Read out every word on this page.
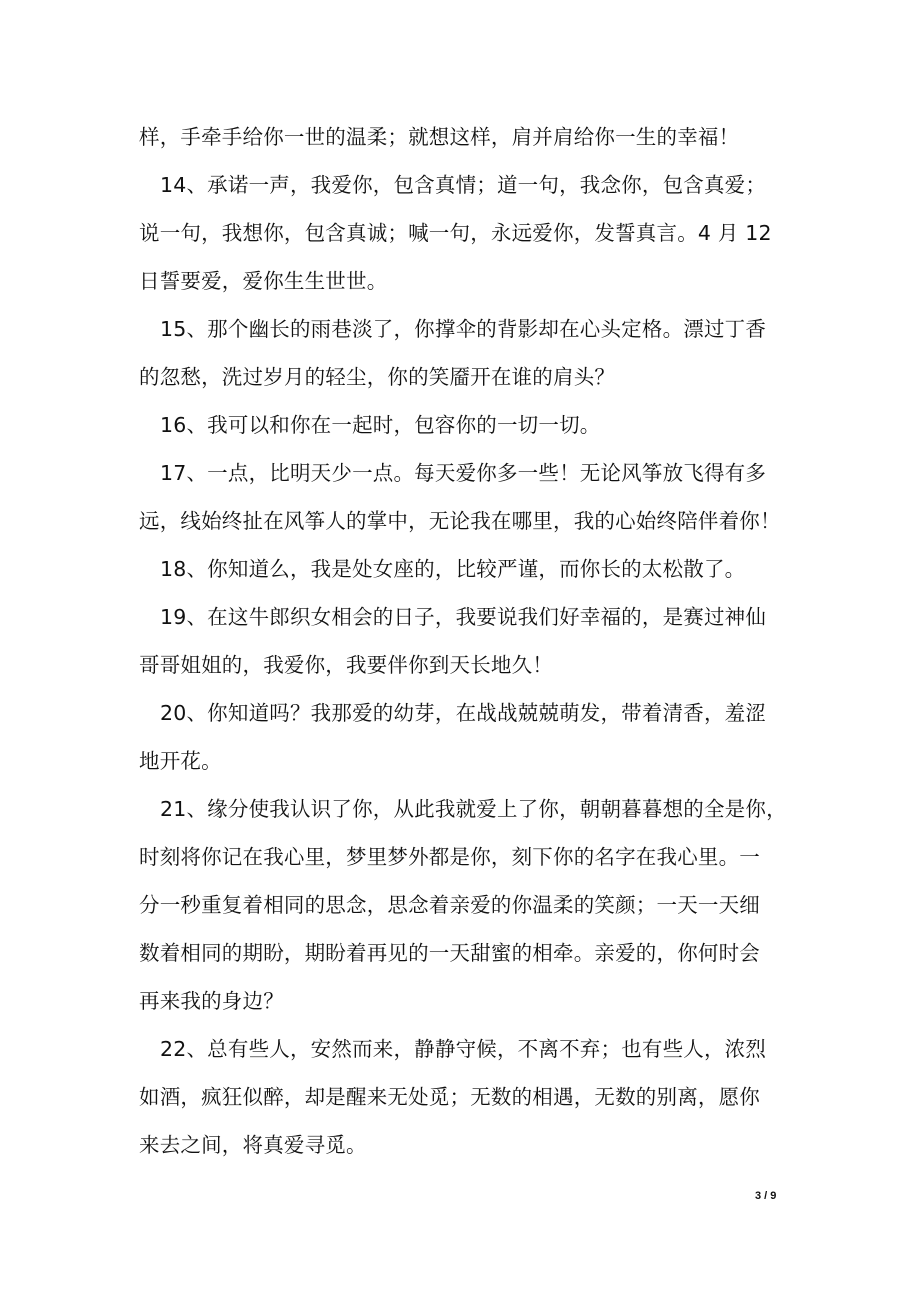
样，手牵手给你一世的温柔；就想这样，肩并肩给你一生的幸福！
14、承诺一声，我爱你，包含真情；道一句，我念你，包含真爱；
说一句，我想你，包含真诚；喊一句，永远爱你，发誓真言。4 月 12
日誓要爱，爱你生生世世。
15、那个幽长的雨巷淡了，你撑伞的背影却在心头定格。漂过丁香
的忽愁，洗过岁月的轻尘，你的笑靥开在谁的肩头？
16、我可以和你在一起时，包容你的一切一切。
17、一点，比明天少一点。每天爱你多一些！无论风筝放飞得有多
远，线始终扯在风筝人的掌中，无论我在哪里，我的心始终陪伴着你！
18、你知道么，我是处女座的，比较严谨，而你长的太松散了。
19、在这牛郎织女相会的日子，我要说我们好幸福的，是赛过神仙
哥哥姐姐的，我爱你，我要伴你到天长地久！
20、你知道吗？我那爱的幼芽，在战战兢兢萌发，带着清香，羞涩
地开花。
21、缘分使我认识了你，从此我就爱上了你，朝朝暮暮想的全是你，
时刻将你记在我心里，梦里梦外都是你，刻下你的名字在我心里。一
分一秒重复着相同的思念，思念着亲爱的你温柔的笑颜；一天一天细
数着相同的期盼，期盼着再见的一天甜蜜的相牵。亲爱的，你何时会
再来我的身边？
22、总有些人，安然而来，静静守候，不离不弃；也有些人，浓烈
如酒，疯狂似醉，却是醒来无处觅；无数的相遇，无数的别离，愿你
来去之间，将真爱寻觅。
3 / 9
